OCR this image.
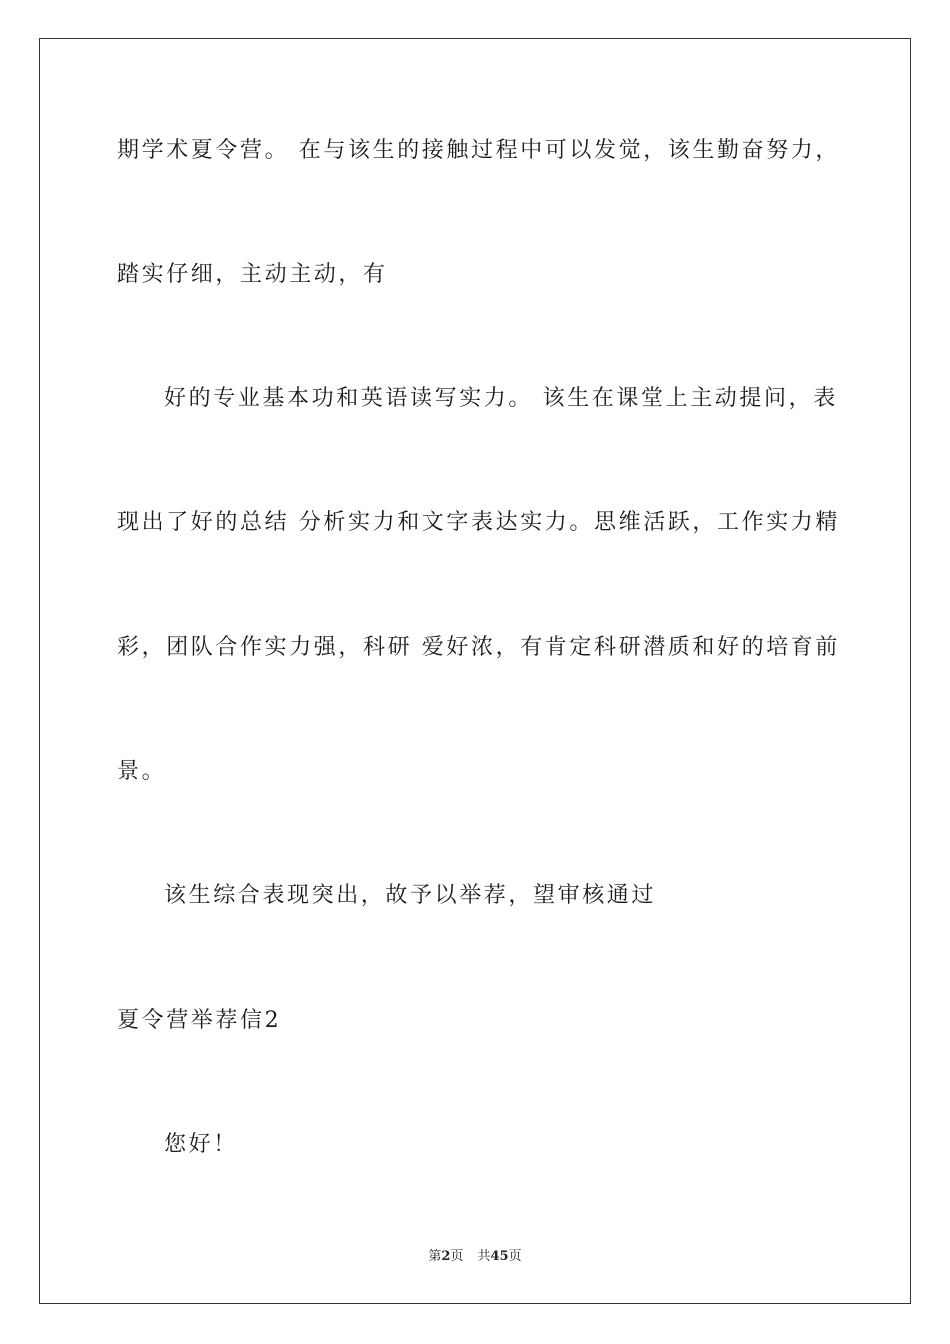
期学术夏令营。 在与该生的接触过程中可以发觉，该生勤奋努力，
踏实仔细，主动主动，有
好的专业基本功和英语读写实力。 该生在课堂上主动提问，表
现出了好的总结 分析实力和文字表达实力。思维活跃，工作实力精
彩，团队合作实力强，科研 爱好浓，有肯定科研潜质和好的培育前
景。
该生综合表现突出，故予以举荐，望审核通过
夏令营举荐信2
您好！
第2页 共45页
